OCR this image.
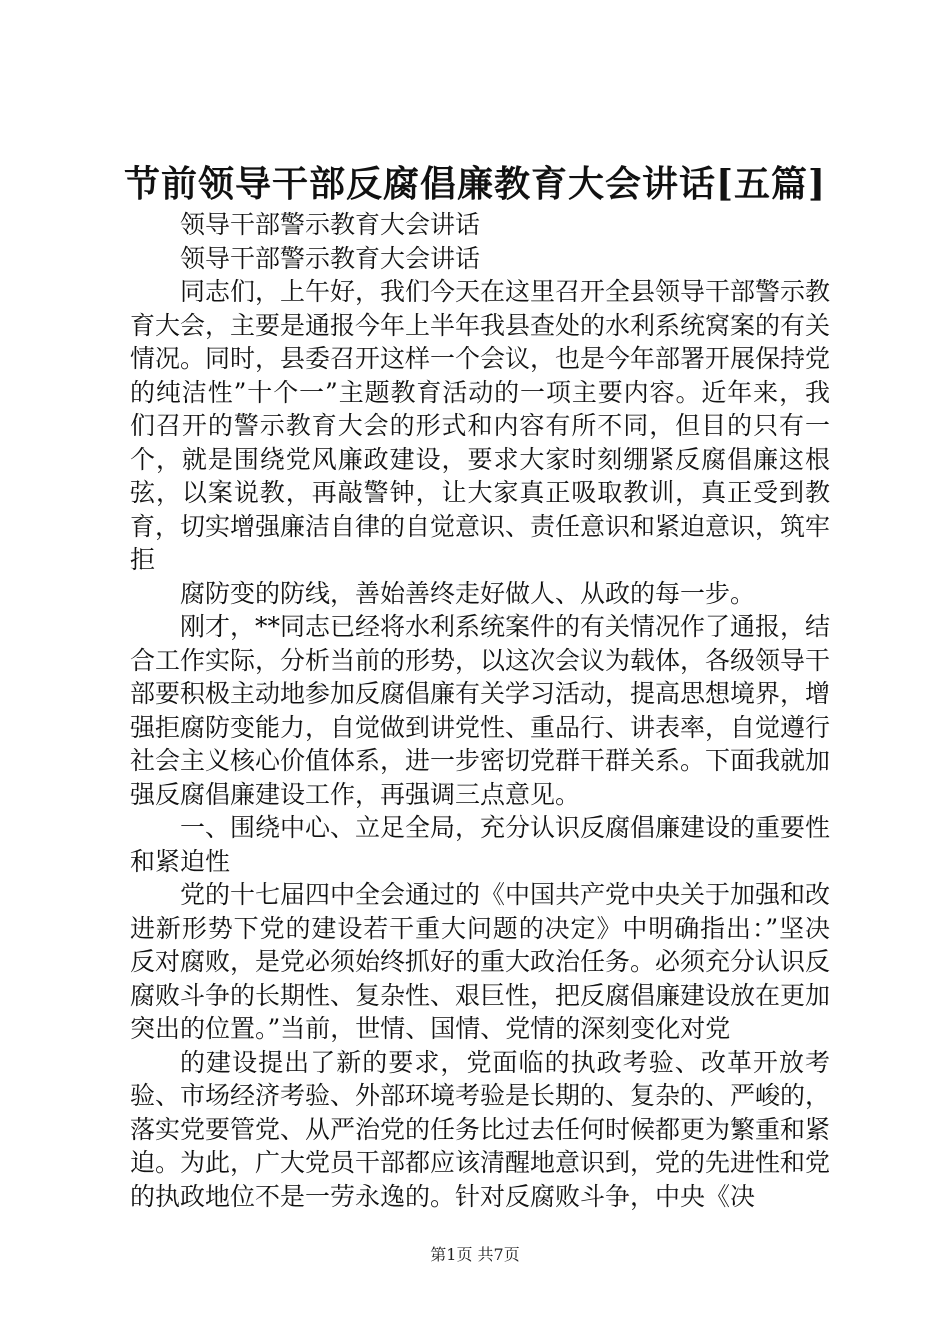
节前领导干部反腐倡廉教育大会讲话[五篇]

领导干部警示教育大会讲话

领导干部警示教育大会讲话

同志们，上午好，我们今天在这里召开全县领导干部警示教育大会，主要是通报今年上半年我县查处的水利系统窝案的有关情况。同时，县委召开这样一个会议，也是今年部署开展保持党的纯洁性”十个一”主题教育活动的一项主要内容。近年来，我们召开的警示教育大会的形式和内容有所不同，但目的只有一个，就是围绕党风廉政建设，要求大家时刻绷紧反腐倡廉这根弦，以案说教，再敲警钟，让大家真正吸取教训，真正受到教育，切实增强廉洁自律的自觉意识、责任意识和紧迫意识，筑牢拒

腐防变的防线，善始善终走好做人、从政的每一步。

刚才，**同志已经将水利系统案件的有关情况作了通报，结合工作实际，分析当前的形势，以这次会议为载体，各级领导干部要积极主动地参加反腐倡廉有关学习活动，提高思想境界，增强拒腐防变能力，自觉做到讲党性、重品行、讲表率，自觉遵行社会主义核心价值体系，进一步密切党群干群关系。下面我就加强反腐倡廉建设工作，再强调三点意见。

一、围绕中心、立足全局，充分认识反腐倡廉建设的重要性和紧迫性

党的十七届四中全会通过的《中国共产党中央关于加强和改进新形势下党的建设若干重大问题的决定》中明确指出：”坚决反对腐败，是党必须始终抓好的重大政治任务。必须充分认识反腐败斗争的长期性、复杂性、艰巨性，把反腐倡廉建设放在更加突出的位置。”当前，世情、国情、党情的深刻变化对党

的建设提出了新的要求，党面临的执政考验、改革开放考验、市场经济考验、外部环境考验是长期的、复杂的、严峻的，落实党要管党、从严治党的任务比过去任何时候都更为繁重和紧迫。为此，广大党员干部都应该清醒地意识到，党的先进性和党的执政地位不是一劳永逸的。针对反腐败斗争，中央《决

第1页 共7页
